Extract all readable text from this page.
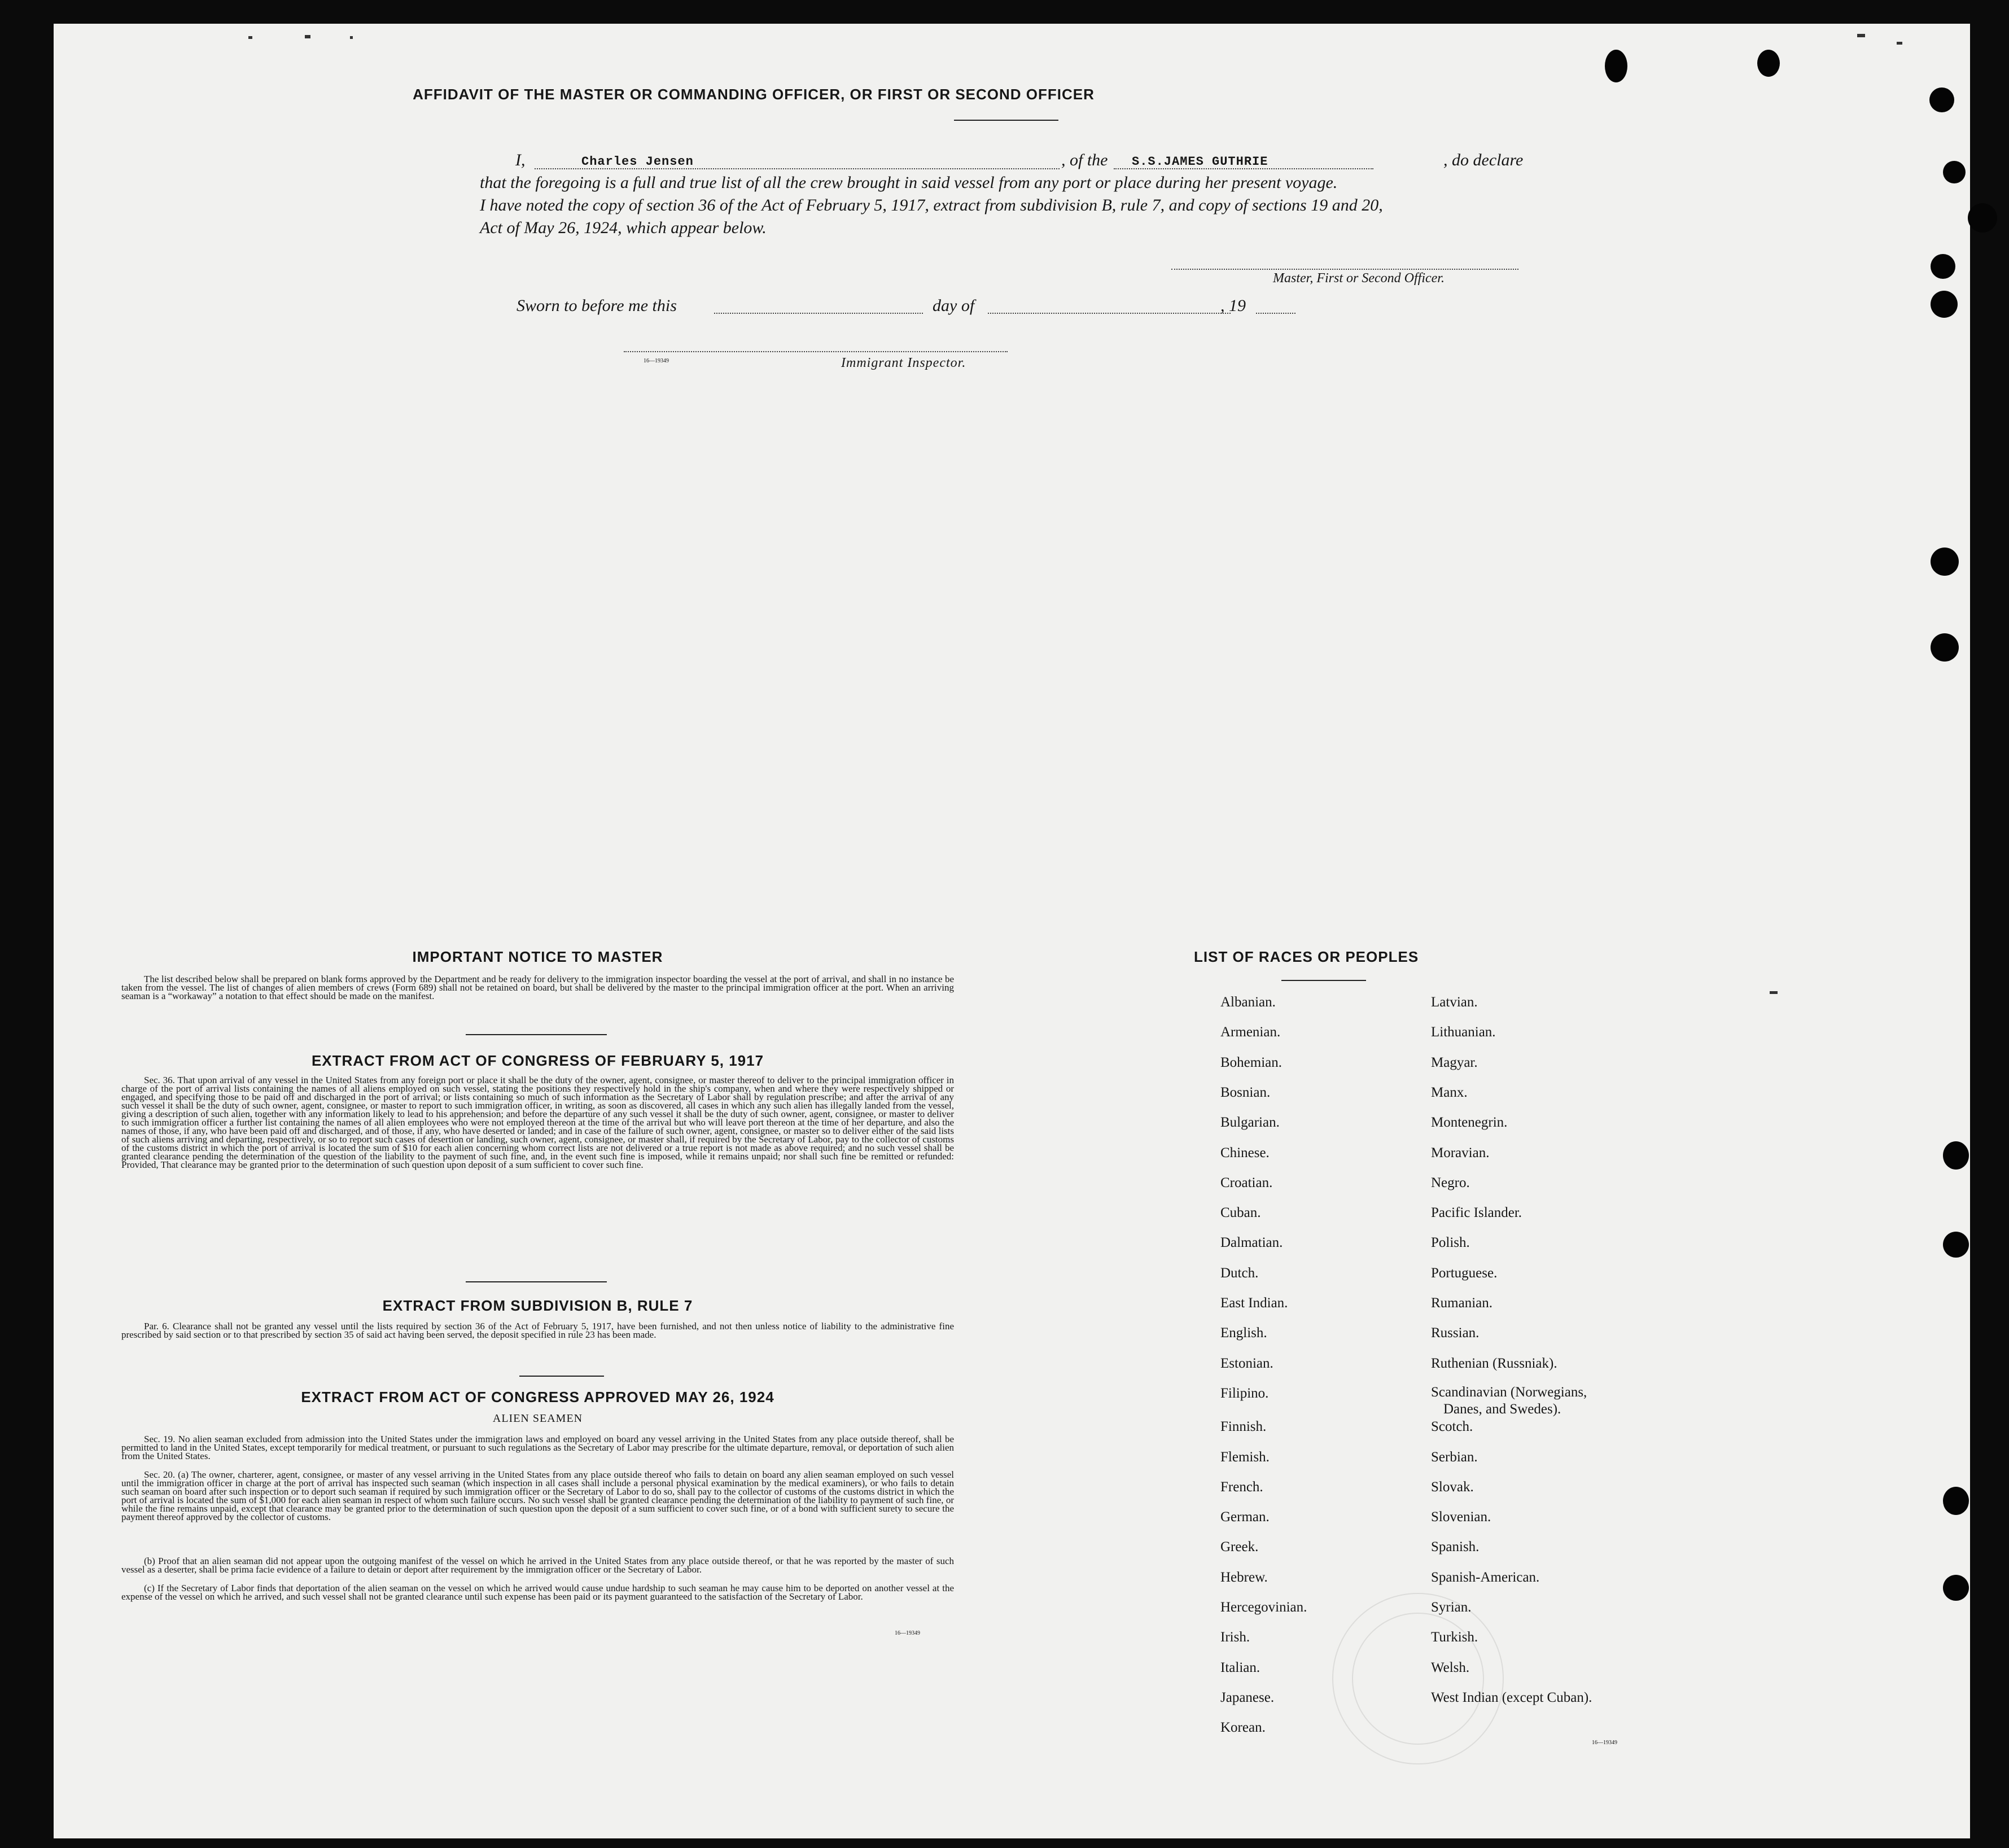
AFFIDAVIT OF THE MASTER OR COMMANDING OFFICER, OR FIRST OR SECOND OFFICER
I,	Charles Jensen	, of the S.S.JAMES GUTHRIE	, do declare
that the foregoing is a full and true list of all the crew brought in said vessel from any port or place during her present voyage.
I have noted the copy of section 36 of the Act of February 5, 1917, extract from subdivision B, rule 7, and copy of sections 19 and 20,
Act of May 26, 1924, which appear below.
Master, First or Second Officer.
Sworn to before me this	day of	, 19
16—19349	Immigrant Inspector.
IMPORTANT NOTICE TO MASTER
The list described below shall be prepared on blank forms approved by the Department and be ready for delivery to the immigration inspector boarding the vessel at the port of arrival, and shall in no instance be taken from the vessel. The list of changes of alien members of crews (Form 689) shall not be retained on board, but shall be delivered by the master to the principal immigration officer at the port. When an arriving seaman is a “workaway” a notation to that effect should be made on the manifest.
EXTRACT FROM ACT OF CONGRESS OF FEBRUARY 5, 1917
Sec. 36. That upon arrival of any vessel in the United States from any foreign port or place it shall be the duty of the owner, agent, consignee, or master thereof to deliver to the principal immigration officer in charge of the port of arrival lists containing the names of all aliens employed on such vessel, stating the positions they respectively hold in the ship's company, when and where they were respectively shipped or engaged, and specifying those to be paid off and discharged in the port of arrival; or lists containing so much of such information as the Secretary of Labor shall by regulation prescribe; and after the arrival of any such vessel it shall be the duty of such owner, agent, consignee, or master to report to such immigration officer, in writing, as soon as discovered, all cases in which any such alien has illegally landed from the vessel, giving a description of such alien, together with any information likely to lead to his apprehension; and before the departure of any such vessel it shall be the duty of such owner, agent, consignee, or master to deliver to such immigration officer a further list containing the names of all alien employees who were not employed thereon at the time of the arrival but who will leave port thereon at the time of her departure, and also the names of those, if any, who have been paid off and discharged, and of those, if any, who have deserted or landed; and in case of the failure of such owner, agent, consignee, or master so to deliver either of the said lists of such aliens arriving and departing, respectively, or so to report such cases of desertion or landing, such owner, agent, consignee, or master shall, if required by the Secretary of Labor, pay to the collector of customs of the customs district in which the port of arrival is located the sum of $10 for each alien concerning whom correct lists are not delivered or a true report is not made as above required; and no such vessel shall be granted clearance pending the determination of the question of the liability to the payment of such fine, and, in the event such fine is imposed, while it remains unpaid; nor shall such fine be remitted or refunded: Provided, That clearance may be granted prior to the determination of such question upon deposit of a sum sufficient to cover such fine.
EXTRACT FROM SUBDIVISION B, RULE 7
Par. 6. Clearance shall not be granted any vessel until the lists required by section 36 of the Act of February 5, 1917, have been furnished, and not then unless notice of liability to the administrative fine prescribed by said section or to that prescribed by section 35 of said act having been served, the deposit specified in rule 23 has been made.
EXTRACT FROM ACT OF CONGRESS APPROVED MAY 26, 1924
ALIEN SEAMEN
Sec. 19. No alien seaman excluded from admission into the United States under the immigration laws and employed on board any vessel arriving in the United States from any place outside thereof, shall be permitted to land in the United States, except temporarily for medical treatment, or pursuant to such regulations as the Secretary of Labor may prescribe for the ultimate departure, removal, or deportation of such alien from the United States.
Sec. 20. (a) The owner, charterer, agent, consignee, or master of any vessel arriving in the United States from any place outside thereof who fails to detain on board any alien seaman employed on such vessel until the immigration officer in charge at the port of arrival has inspected such seaman (which inspection in all cases shall include a personal physical examination by the medical examiners), or who fails to detain such seaman on board after such inspection or to deport such seaman if required by such immigration officer or the Secretary of Labor to do so, shall pay to the collector of customs of the customs district in which the port of arrival is located the sum of $1,000 for each alien seaman in respect of whom such failure occurs. No such vessel shall be granted clearance pending the determination of the liability to payment of such fine, or while the fine remains unpaid, except that clearance may be granted prior to the determination of such question upon the deposit of a sum sufficient to cover such fine, or of a bond with sufficient surety to secure the payment thereof approved by the collector of customs.
(b) Proof that an alien seaman did not appear upon the outgoing manifest of the vessel on which he arrived in the United States from any place outside thereof, or that he was reported by the master of such vessel as a deserter, shall be prima facie evidence of a failure to detain or deport after requirement by the immigration officer or the Secretary of Labor.
(c) If the Secretary of Labor finds that deportation of the alien seaman on the vessel on which he arrived would cause undue hardship to such seaman he may cause him to be deported on another vessel at the expense of the vessel on which he arrived, and such vessel shall not be granted clearance until such expense has been paid or its payment guaranteed to the satisfaction of the Secretary of Labor.
16—19349
LIST OF RACES OR PEOPLES
16—19349
Albanian.
Armenian.
Bohemian.
Bosnian.
Bulgarian.
Chinese.
Croatian.
Cuban.
Dalmatian.
Dutch.
East Indian.
English.
Estonian.
Filipino.
Finnish.
Flemish.
French.
German.
Greek.
Hebrew.
Hercegovinian.
Irish.
Italian.
Japanese.
Korean.
Latvian.
Lithuanian.
Magyar.
Manx.
Montenegrin.
Moravian.
Negro.
Pacific Islander.
Polish.
Portuguese.
Rumanian.
Russian.
Ruthenian (Russniak).
Scandinavian (Norwegians,
Danes, and Swedes).
Scotch.
Serbian.
Slovak.
Slovenian.
Spanish.
Spanish-American.
Syrian.
Turkish.
Welsh.
West Indian (except Cuban).
